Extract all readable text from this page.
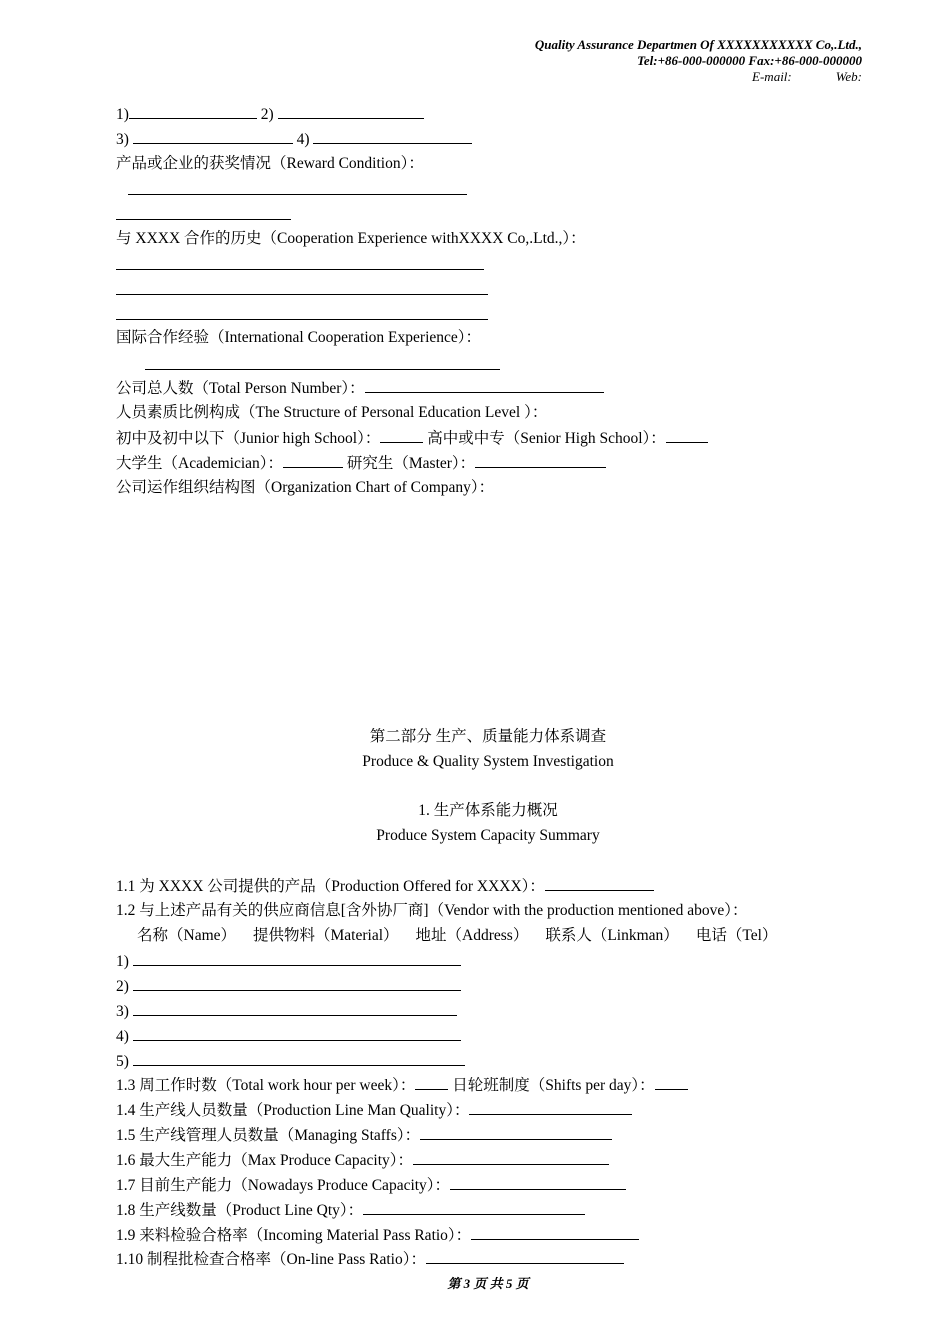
Quality Assurance Departmen Of XXXXXXXXXXX Co,.Ltd.,
Tel:+86-000-000000 Fax:+86-000-000000
E-mail:	Web:
1)	2)
3)	4)
产品或企业的获奖情况（Reward Condition）：
与 XXXX 合作的历史（Cooperation Experience withXXXX Co,.Ltd.,）：
国际合作经验（International Cooperation Experience）：
公司总人数（Total Person Number）：
人员素质比例构成（The Structure of Personal Education Level ）：
初中及初中以下（Junior high School）：	高中或中专（Senior High School）：
大学生（Academician）：	研究生（Master）：
公司运作组织结构图（Organization Chart of Company）：
第二部分 生产、质量能力体系调查
Produce & Quality System Investigation
1. 生产体系能力概况
Produce System Capacity Summary
1.1 为 XXXX 公司提供的产品（Production Offered for XXXX）：
1.2 与上述产品有关的供应商信息[含外协厂商]（Vendor with the production mentioned above）：
名称（Name） 提供物料（Material） 地址（Address） 联系人（Linkman） 电话（Tel）
1)
2)
3)
4)
5)
1.3 周工作时数（Total work hour per week）： 日轮班制度（Shifts per day）：
1.4 生产线人员数量（Production Line Man Quality）：
1.5 生产线管理人员数量（Managing Staffs）：
1.6 最大生产能力（Max Produce Capacity）：
1.7 目前生产能力（Nowadays Produce Capacity）：
1.8 生产线数量（Product Line Qty）：
1.9 来料检验合格率（Incoming Material Pass Ratio）：
1.10 制程批检查合格率（On-line Pass Ratio）：
第 3 页 共 5 页
